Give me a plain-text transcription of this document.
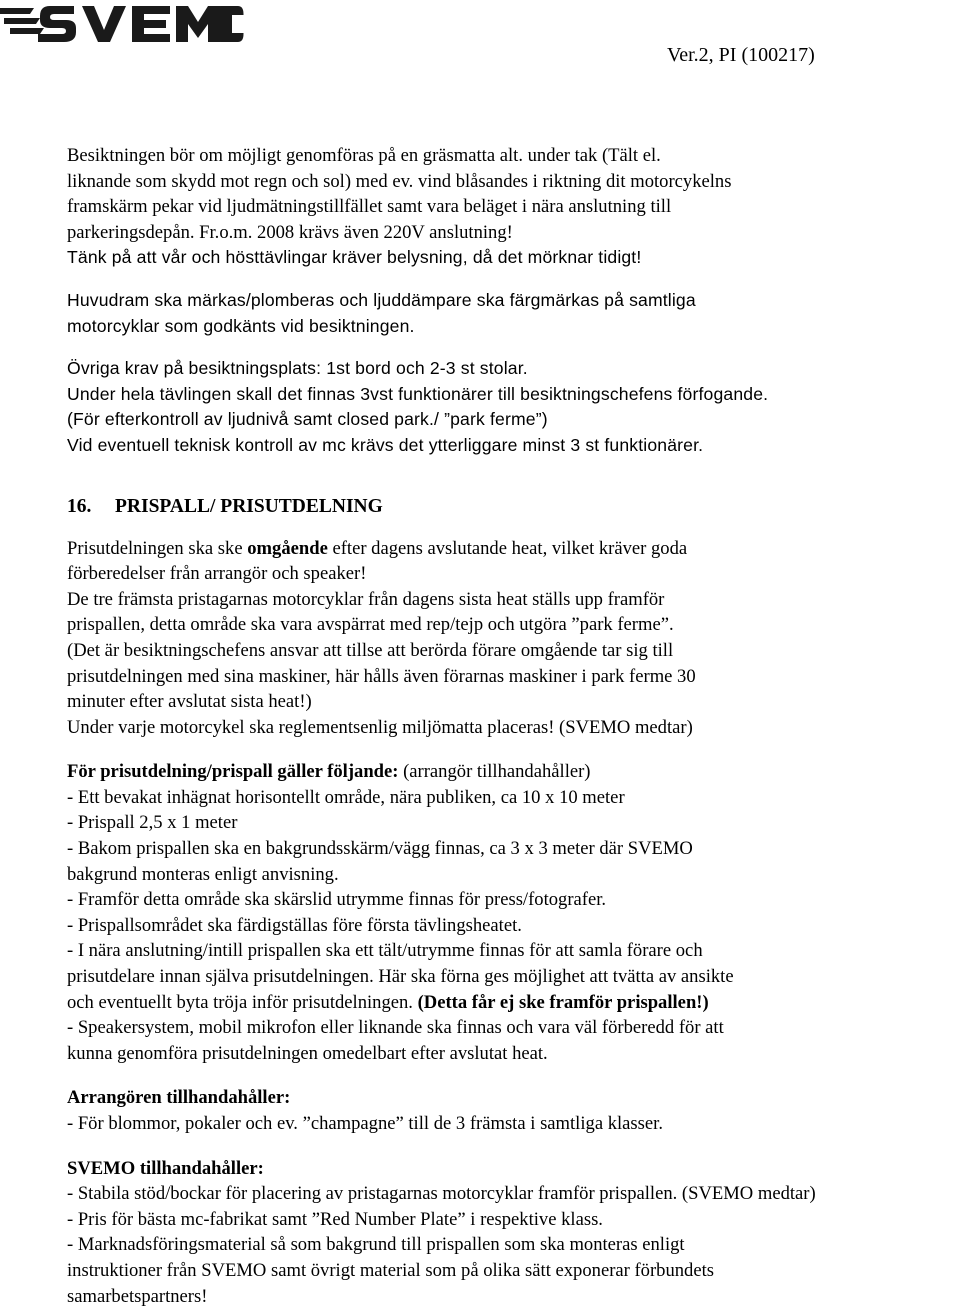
Ver.2, PI (100217)
Besiktningen bör om möjligt genomföras på en gräsmatta alt. under tak (Tält el.
liknande som skydd mot regn och sol) med ev. vind blåsandes i riktning dit motorcykelns
framskärm pekar vid ljudmätningstillfället samt vara beläget i nära anslutning till
parkeringsdepån. Fr.o.m. 2008 krävs även 220V anslutning!
Tänk på att vår och hösttävlingar kräver belysning, då det mörknar tidigt!
Huvudram ska märkas/plomberas och ljuddämpare ska färgmärkas på samtliga
motorcyklar som godkänts vid besiktningen.
Övriga krav på besiktningsplats: 1st bord och 2-3 st stolar.
Under hela tävlingen skall det finnas 3vst funktionärer till besiktningschefens förfogande.
(För efterkontroll av ljudnivå samt closed park./ ”park ferme”)
Vid eventuell teknisk kontroll av mc krävs det ytterliggare minst 3 st funktionärer.
16. PRISPALL/ PRISUTDELNING
Prisutdelningen ska ske omgående efter dagens avslutande heat, vilket kräver goda
förberedelser från arrangör och speaker!
De tre främsta pristagarnas motorcyklar från dagens sista heat ställs upp framför
prispallen, detta område ska vara avspärrat med rep/tejp och utgöra ”park ferme”.
(Det är besiktningschefens ansvar att tillse att berörda förare omgående tar sig till
prisutdelningen med sina maskiner, här hålls även förarnas maskiner i park ferme 30
minuter efter avslutat sista heat!)
Under varje motorcykel ska reglementsenlig miljömatta placeras! (SVEMO medtar)
För prisutdelning/prispall gäller följande: (arrangör tillhandahåller)
- Ett bevakat inhägnat horisontellt område, nära publiken, ca 10 x 10 meter
- Prispall 2,5 x 1 meter
- Bakom prispallen ska en bakgrundsskärm/vägg finnas, ca 3 x 3 meter där SVEMO
bakgrund monteras enligt anvisning.
- Framför detta område ska skärslid utrymme finnas för press/fotografer.
- Prispallsområdet ska färdigställas före första tävlingsheatet.
- I nära anslutning/intill prispallen ska ett tält/utrymme finnas för att samla förare och
prisutdelare innan själva prisutdelningen. Här ska förna ges möjlighet att tvätta av ansikte
och eventuellt byta tröja inför prisutdelningen. (Detta får ej ske framför prispallen!)
- Speakersystem, mobil mikrofon eller liknande ska finnas och vara väl förberedd för att
kunna genomföra prisutdelningen omedelbart efter avslutat heat.
Arrangören tillhandahåller:
- För blommor, pokaler och ev. ”champagne” till de 3 främsta i samtliga klasser.
SVEMO tillhandahåller:
- Stabila stöd/bockar för placering av pristagarnas motorcyklar framför prispallen. (SVEMO medtar)
- Pris för bästa mc-fabrikat samt ”Red Number Plate” i respektive klass.
- Marknadsföringsmaterial så som bakgrund till prispallen som ska monteras enligt
instruktioner från SVEMO samt övrigt material som på olika sätt exponerar förbundets
samarbetspartners!
